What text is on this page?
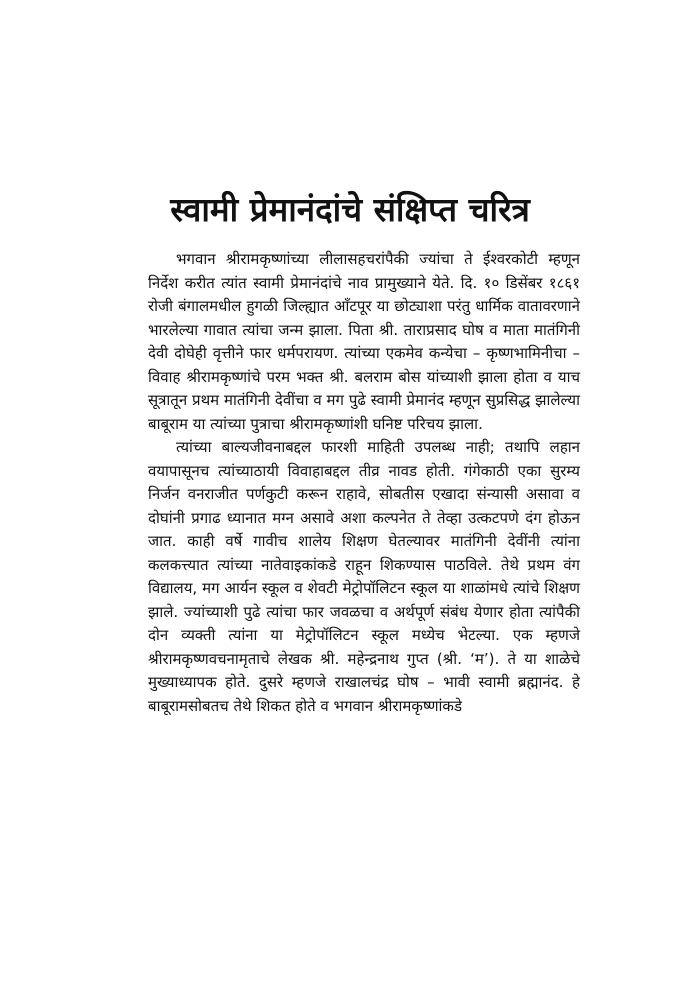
स्वामी प्रेमानंदांचे संक्षिप्त चरित्र

भगवान श्रीरामकृष्णांच्या लीलासहचरांपैकी ज्यांचा ते ईश्वरकोटी म्हणून निर्देश करीत त्यांत स्वामी प्रेमानंदांचे नाव प्रामुख्याने येते. दि. १० डिसेंबर १८६१ रोजी बंगालमधील हुगळी जिल्ह्यात ऑंटपूर या छोट्याशा परंतु धार्मिक वातावरणाने भारलेल्या गावात त्यांचा जन्म झाला. पिता श्री. ताराप्रसाद घोष व माता मातंगिनी देवी दोघेही वृत्तीने फार धर्मपरायण. त्यांच्या एकमेव कन्येचा – कृष्णभामिनीचा – विवाह श्रीरामकृष्णांचे परम भक्त श्री. बलराम बोस यांच्याशी झाला होता व याच सूत्रातून प्रथम मातंगिनी देवींचा व मग पुढे स्वामी प्रेमानंद म्हणून सुप्रसिद्ध झालेल्या बाबूराम या त्यांच्या पुत्राचा श्रीरामकृष्णांशी घनिष्ट परिचय झाला.

त्यांच्या बाल्यजीवनाबद्दल फारशी माहिती उपलब्ध नाही; तथापि लहान वयापासूनच त्यांच्याठायी विवाहाबद्दल तीव्र नावड होती. गंगेकाठी एका सुरम्य निर्जन वनराजीत पर्णकुटी करून राहावे, सोबतीस एखादा संन्यासी असावा व दोघांनी प्रगाढ ध्यानात मग्न असावे अशा कल्पनेत ते तेव्हा उत्कटपणे दंग होऊन जात. काही वर्षे गावीच शालेय शिक्षण घेतल्यावर मातंगिनी देवींनी त्यांना कलकत्त्यात त्यांच्या नातेवाइकांकडे राहून शिकण्यास पाठविले. तेथे प्रथम वंग विद्यालय, मग आर्यन स्कूल व शेवटी मेट्रोपॉलिटन स्कूल या शाळांमधे त्यांचे शिक्षण झाले. ज्यांच्याशी पुढे त्यांचा फार जवळचा व अर्थपूर्ण संबंध येणार होता त्यांपैकी दोन व्यक्ती त्यांना या मेट्रोपॉलिटन स्कूल मध्येच भेटल्या. एक म्हणजे श्रीरामकृष्णवचनामृताचे लेखक श्री. महेन्द्रनाथ गुप्त (श्री. ‘म’). ते या शाळेचे मुख्याध्यापक होते. दुसरे म्हणजे राखालचंद्र घोष – भावी स्वामी ब्रह्मानंद. हे बाबूरामसोबतच तेथे शिकत होते व भगवान श्रीरामकृष्णांकडे
